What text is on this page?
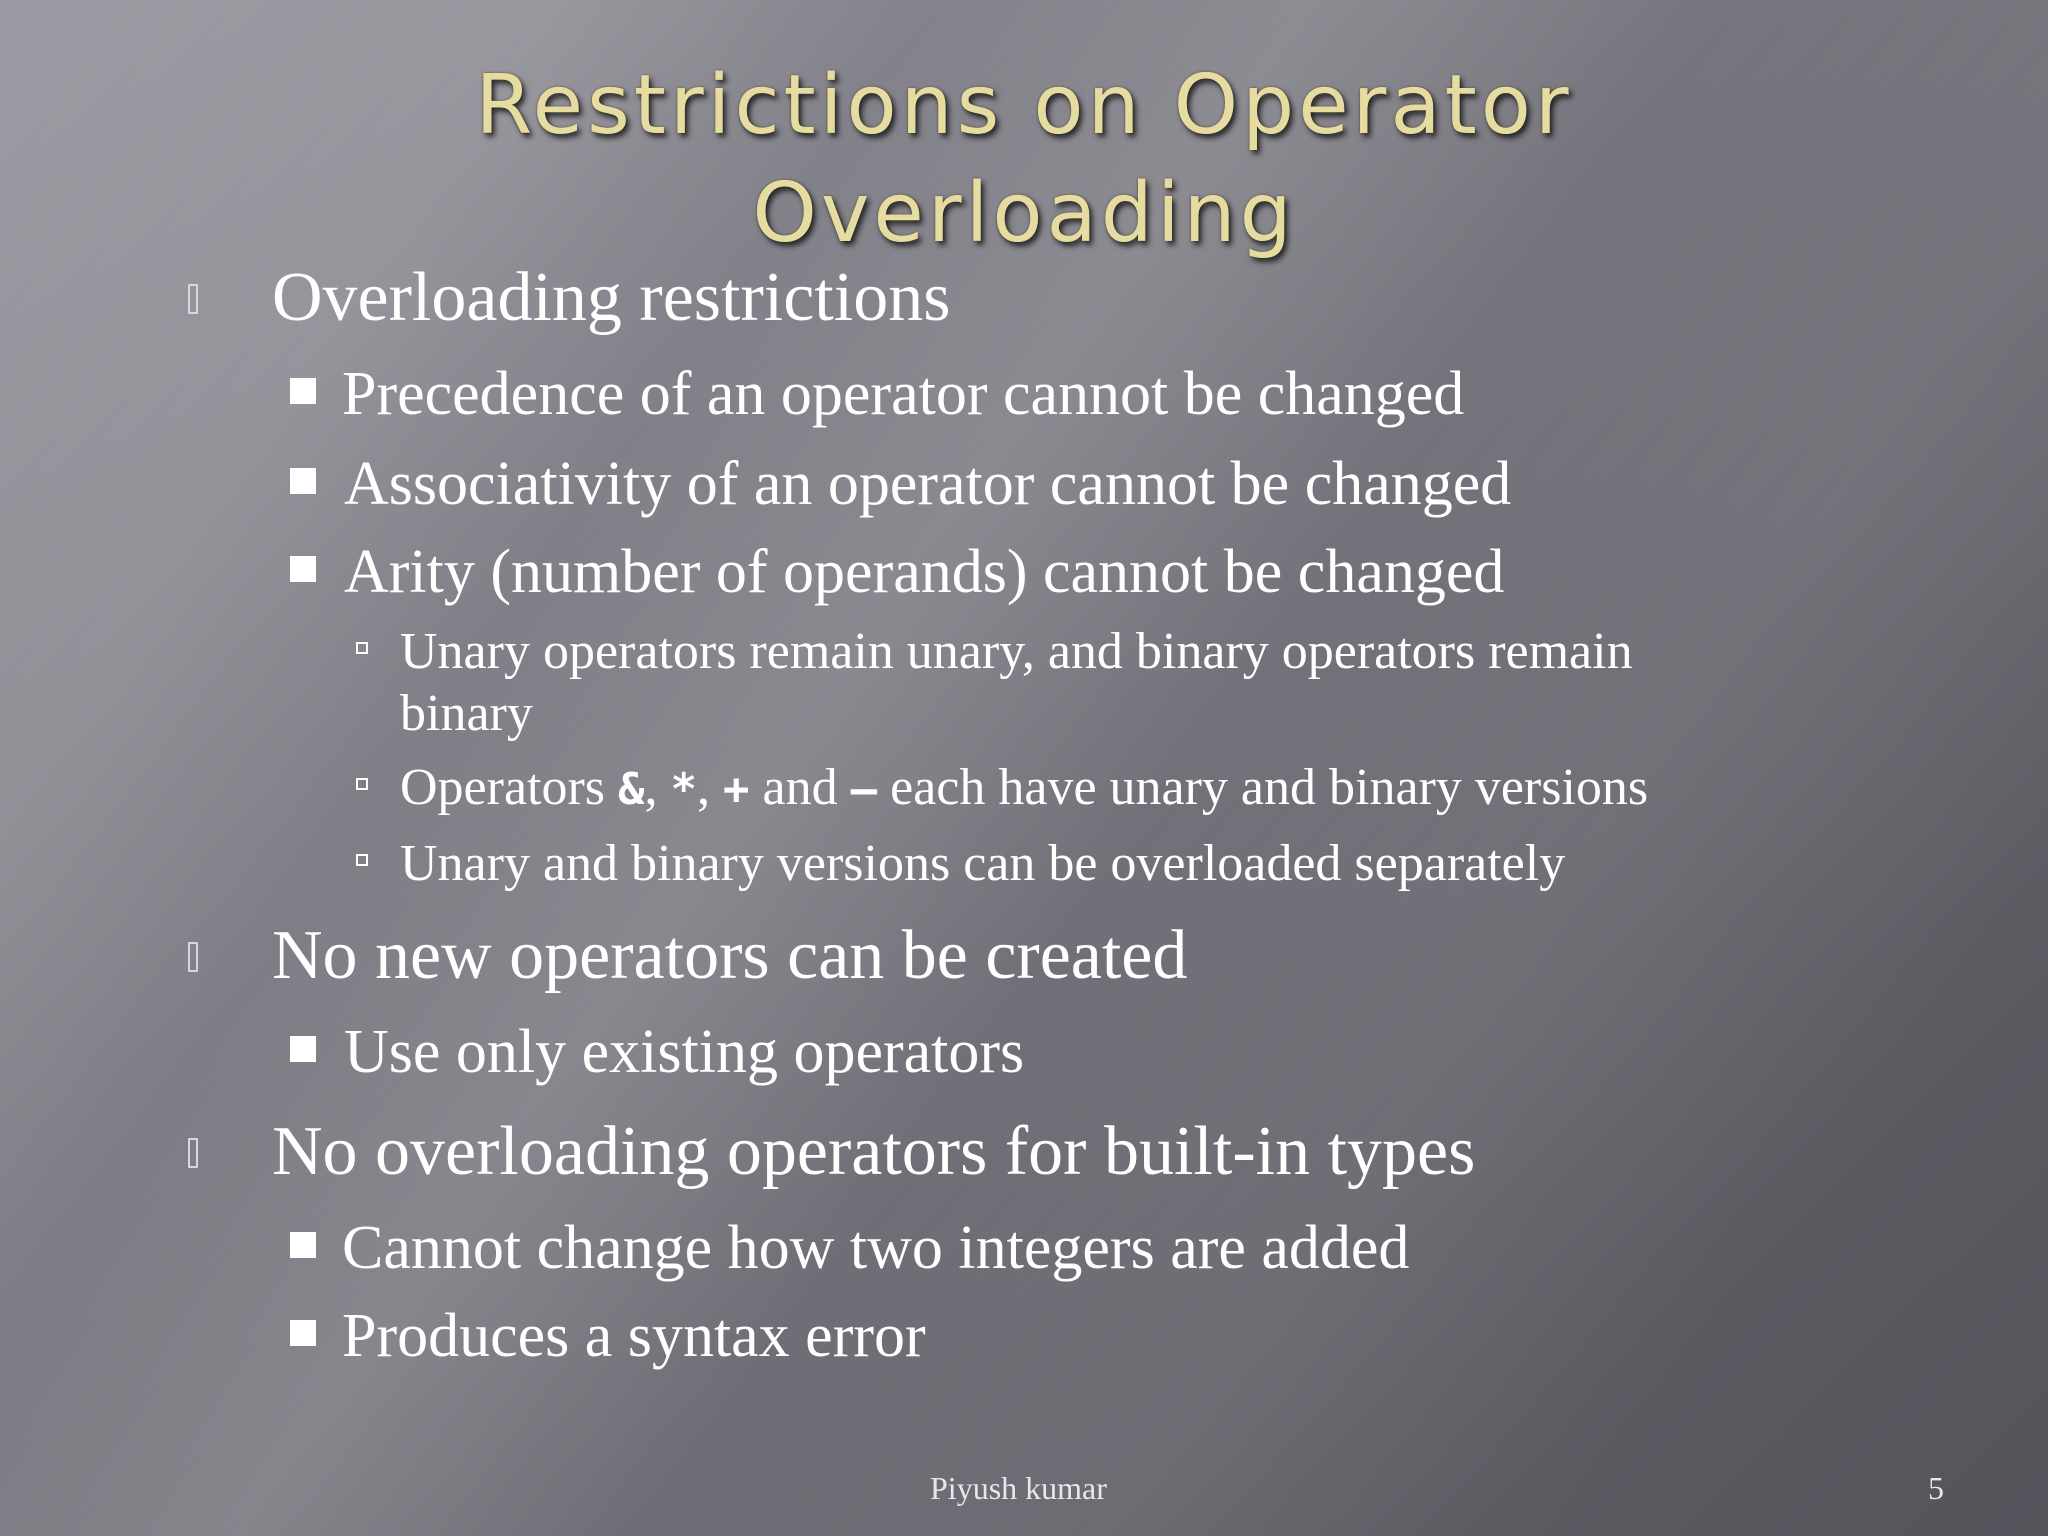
Restrictions on Operator
Overloading
Overloading restrictions
Precedence of an operator cannot be changed
Associativity of an operator cannot be changed
Arity (number of operands) cannot be changed
Unary operators remain unary, and binary operators remain
binary
Operators &, *, + and – each have unary and binary versions
Unary and binary versions can be overloaded separately
No new operators can be created
Use only existing operators
No overloading operators for built-in types
Cannot change how two integers are added
Produces a syntax error
Piyush kumar	5
